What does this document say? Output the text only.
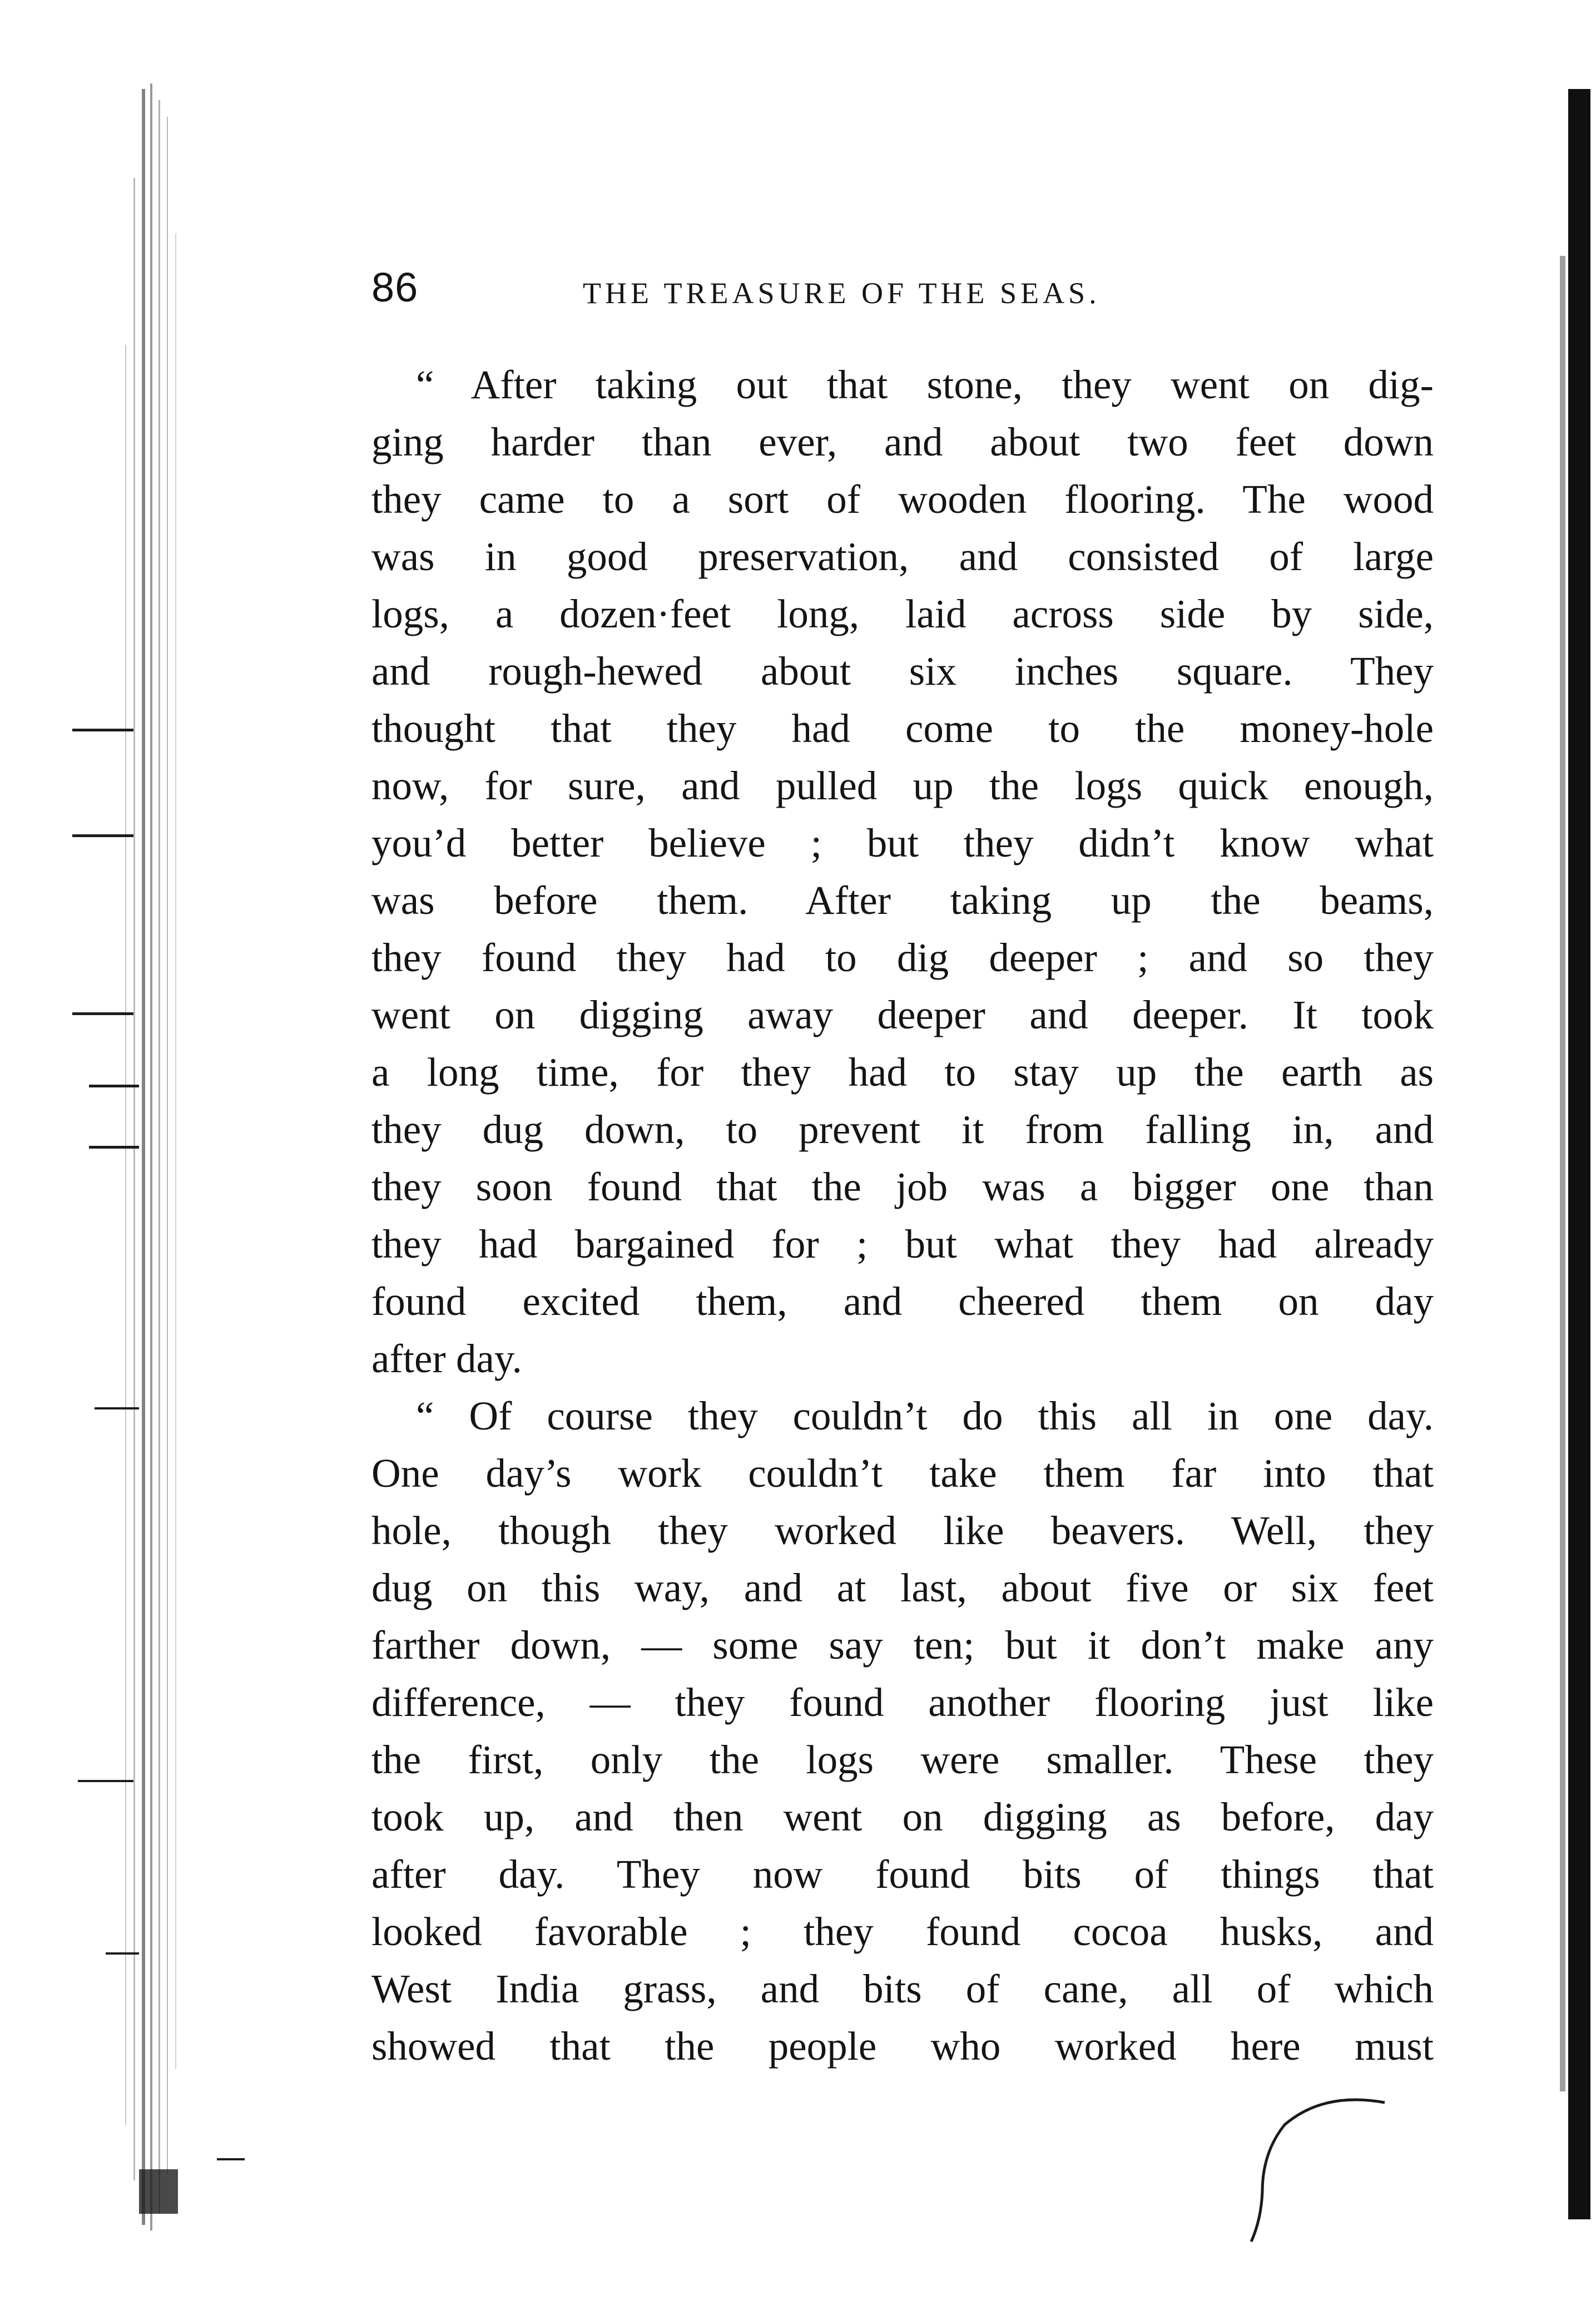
86	THE TREASURE OF THE SEAS.
“ After taking out that stone, they went on dig-
ging harder than ever, and about two feet down
they came to a sort of wooden flooring. The wood
was in good preservation, and consisted of large
logs, a dozen·feet long, laid across side by side,
and rough-hewed about six inches square. They
thought that they had come to the money-hole
now, for sure, and pulled up the logs quick enough,
you’d better believe ; but they didn’t know what
was before them. After taking up the beams,
they found they had to dig deeper ; and so they
went on digging away deeper and deeper. It took
a long time, for they had to stay up the earth as
they dug down, to prevent it from falling in, and
they soon found that the job was a bigger one than
they had bargained for ; but what they had already
found excited them, and cheered them on day
after day.
“ Of course they couldn’t do this all in one day.
One day’s work couldn’t take them far into that
hole, though they worked like beavers. Well, they
dug on this way, and at last, about five or six feet
farther down, — some say ten; but it don’t make any
difference, — they found another flooring just like
the first, only the logs were smaller. These they
took up, and then went on digging as before, day
after day. They now found bits of things that
looked favorable ; they found cocoa husks, and
West India grass, and bits of cane, all of which
showed that the people who worked here must
